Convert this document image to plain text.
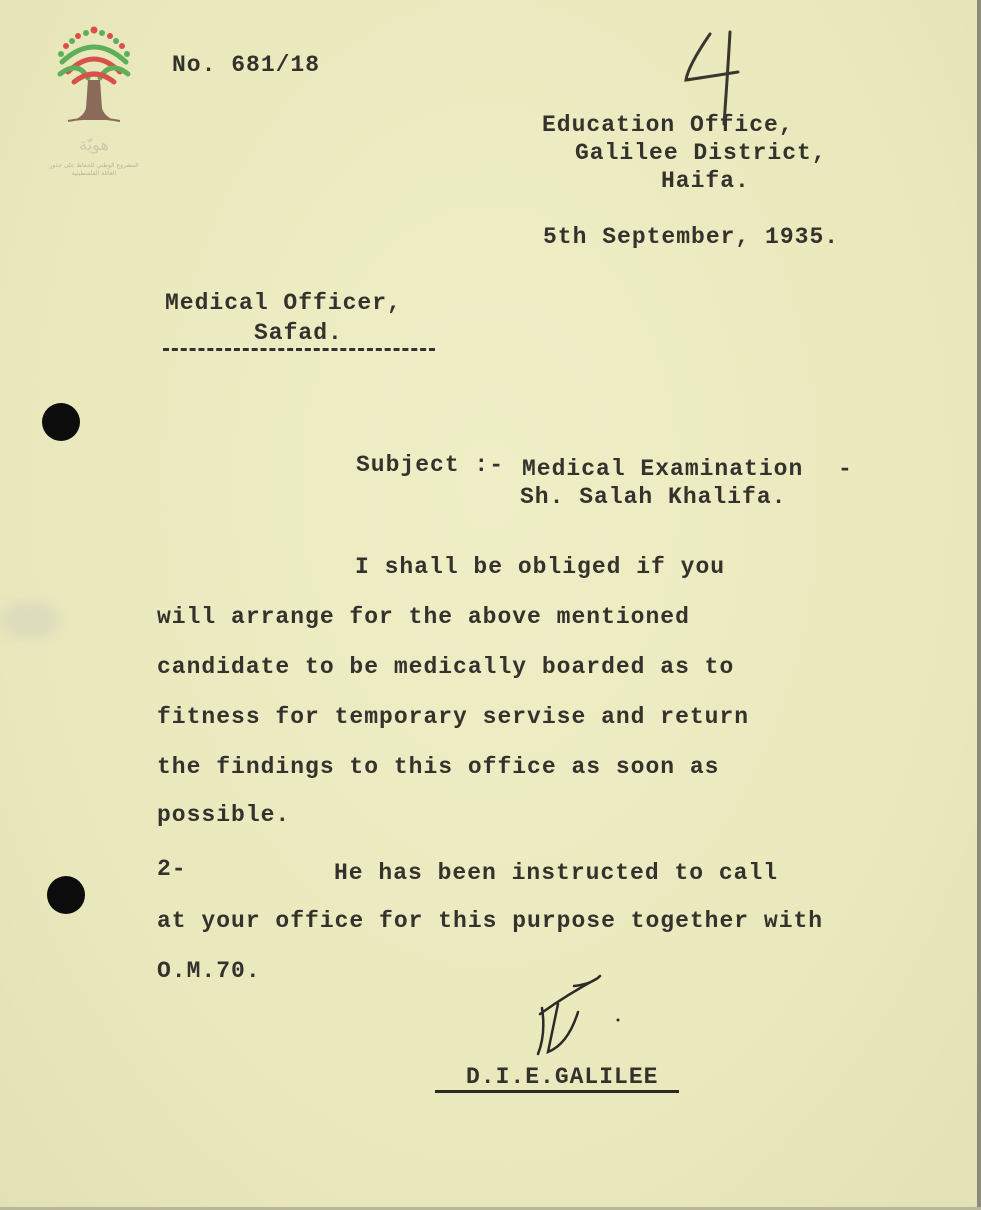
هويّة
المشروع الوطني للحفاظ على جذور العائلة الفلسطينية
No. 681/18
4
Education Office,
Galilee District,
Haifa.
5th September, 1935.
Medical Officer,
Safad.
Subject :- Medical Examination -
Sh. Salah Khalifa.
I shall be obliged if you
will arrange for the above mentioned
candidate to be medically boarded as to
fitness for temporary servise and return
the findings to this office as soon as
possible.
2-	He has been instructed to call
at your office for this purpose together with
O.M.70.
D.I.E.GALILEE
